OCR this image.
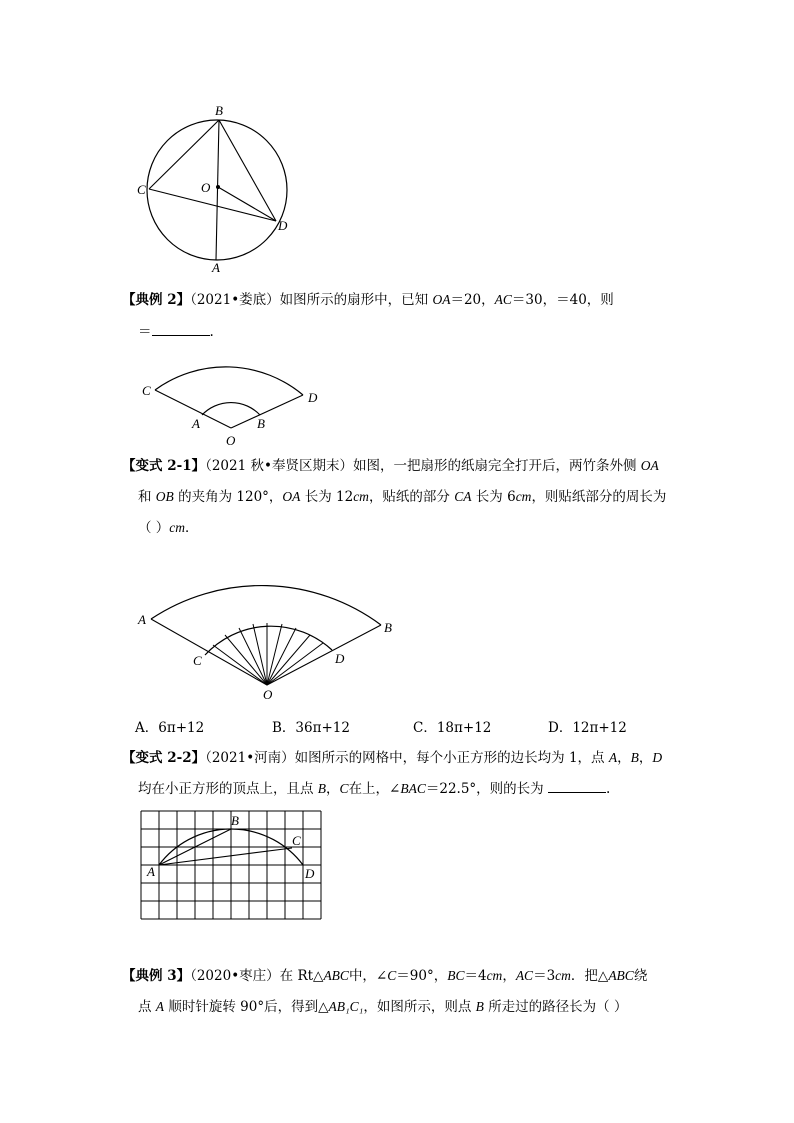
B
C	O
D
A
【典例 2】（2021•娄底）如图所示的扇形中，已知 OA＝20，AC＝30，＝40，则
＝	.
C	D
A	B
O
【变式 2-1】（2021 秋•奉贤区期末）如图，一把扇形的纸扇完全打开后，两竹条外侧 OA
和 OB 的夹角为 120°，OA 长为 12cm，贴纸的部分 CA 长为 6cm，则贴纸部分的周长为
（ ）cm．
A
B
C	D
O
A．6π+12	B．36π+12	C．18π+12	D．12π+12
【变式 2-2】（2021•河南）如图所示的网格中，每个小正方形的边长均为 1，点 A，B，D
均在小正方形的顶点上，且点 B，C在上，∠BAC＝22.5°，则的长为	.
B
C
A	D
【典例 3】（2020•枣庄）在 Rt△ABC中，∠C＝90°，BC＝4cm，AC＝3cm．把△ABC绕
点 A 顺时针旋转 90°后，得到△AB₁C₁，如图所示，则点 B 所走过的路径长为（ ）
